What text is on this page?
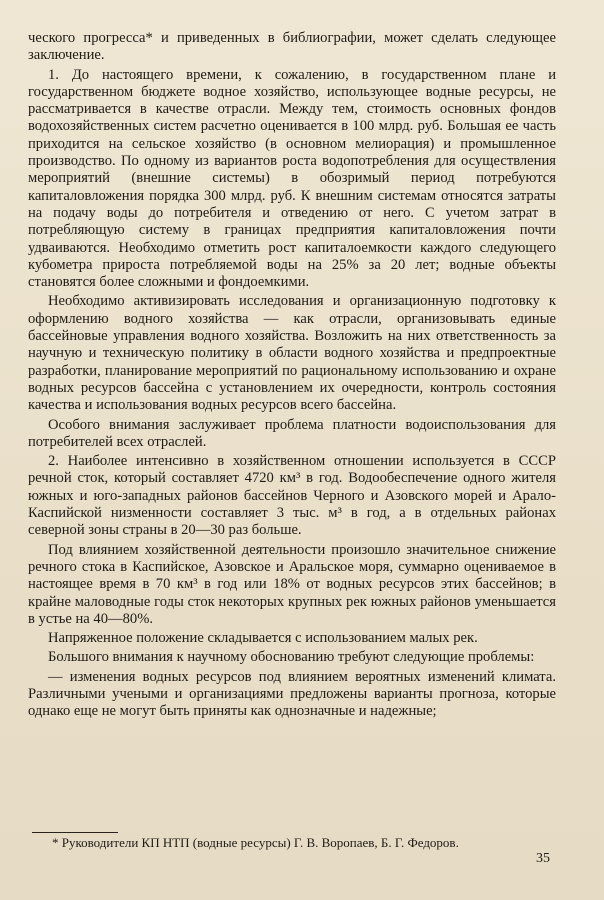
ческого прогресса* и приведенных в библиографии, может сделать следующее заключение.

1. До настоящего времени, к сожалению, в государственном плане и государственном бюджете водное хозяйство, использующее водные ресурсы, не рассматривается в качестве отрасли. Между тем, стоимость основных фондов водохозяйственных систем расчетно оценивается в 100 млрд. руб. Большая ее часть приходится на сельское хозяйство (в основном мелиорация) и промышленное производство. По одному из вариантов роста водопотребления для осуществления мероприятий (внешние системы) в обозримый период потребуются капиталовложения порядка 300 млрд. руб. К внешним системам относятся затраты на подачу воды до потребителя и отведению от него. С учетом затрат в потребляющую систему в границах предприятия капиталовложения почти удваиваются. Необходимо отметить рост капиталоемкости каждого следующего кубометра прироста потребляемой воды на 25% за 20 лет; водные объекты становятся более сложными и фондоемкими.

Необходимо активизировать исследования и организационную подготовку к оформлению водного хозяйства — как отрасли, организовывать единые бассейновые управления водного хозяйства. Возложить на них ответственность за научную и техническую политику в области водного хозяйства и предпроектные разработки, планирование мероприятий по рациональному использованию и охране водных ресурсов бассейна с установлением их очередности, контроль состояния качества и использования водных ресурсов всего бассейна.

Особого внимания заслуживает проблема платности водоиспользования для потребителей всех отраслей.

2. Наиболее интенсивно в хозяйственном отношении используется в СССР речной сток, который составляет 4720 км³ в год. Водообеспечение одного жителя южных и юго-западных районов бассейнов Черного и Азовского морей и Арало-Каспийской низменности составляет 3 тыс. м³ в год, а в отдельных районах северной зоны страны в 20—30 раз больше.

Под влиянием хозяйственной деятельности произошло значительное снижение речного стока в Каспийское, Азовское и Аральское моря, суммарно оцениваемое в настоящее время в 70 км³ в год или 18% от водных ресурсов этих бассейнов; в крайне маловодные годы сток некоторых крупных рек южных районов уменьшается в устье на 40—80%.

Напряженное положение складывается с использованием малых рек.

Большого внимания к научному обоснованию требуют следующие проблемы:

— изменения водных ресурсов под влиянием вероятных изменений климата. Различными учеными и организациями предложены варианты прогноза, которые однако еще не могут быть приняты как однозначные и надежные;

* Руководители КП НТП (водные ресурсы) Г. В. Воропаев, Б. Г. Федоров.
35
